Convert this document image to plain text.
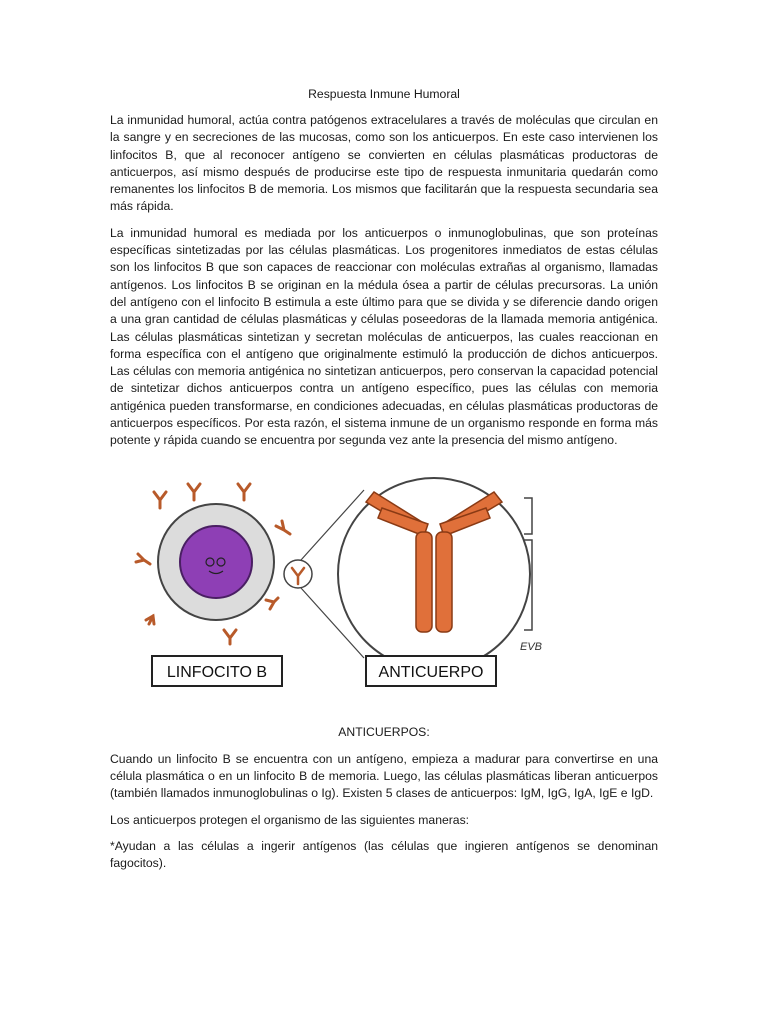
Respuesta Inmune Humoral

La inmunidad humoral, actúa contra patógenos extracelulares a través de moléculas que circulan en la sangre y en secreciones de las mucosas, como son los anticuerpos. En este caso intervienen los linfocitos B, que al reconocer antígeno se convierten en células plasmáticas productoras de anticuerpos, así mismo después de producirse este tipo de respuesta inmunitaria quedarán como remanentes los linfocitos B de memoria. Los mismos que facilitarán que la respuesta secundaria sea más rápida.

La inmunidad humoral es mediada por los anticuerpos o inmunoglobulinas, que son proteínas específicas sintetizadas por las células plasmáticas. Los progenitores inmediatos de estas células son los linfocitos B que son capaces de reaccionar con moléculas extrañas al organismo, llamadas antígenos. Los linfocitos B se originan en la médula ósea a partir de células precursoras. La unión del antígeno con el linfocito B estimula a este último para que se divida y se diferencie dando origen a una gran cantidad de células plasmáticas y células poseedoras de la llamada memoria antigénica. Las células plasmáticas sintetizan y secretan moléculas de anticuerpos, las cuales reaccionan en forma específica con el antígeno que originalmente estimuló la producción de dichos anticuerpos. Las células con memoria antigénica no sintetizan anticuerpos, pero conservan la capacidad potencial de sintetizar dichos anticuerpos contra un antígeno específico, pues las células con memoria antigénica pueden transformarse, en condiciones adecuadas, en células plasmáticas productoras de anticuerpos específicos. Por esta razón, el sistema inmune de un organismo responde en forma más potente y rápida cuando se encuentra por segunda vez ante la presencia del mismo antígeno.

LINFOCITO B	ANTICUERPO
EVB
ANTICUERPOS:

Cuando un linfocito B se encuentra con un antígeno, empieza a madurar para convertirse en una célula plasmática o en un linfocito B de memoria. Luego, las células plasmáticas liberan anticuerpos (también llamados inmunoglobulinas o Ig). Existen 5 clases de anticuerpos: IgM, IgG, IgA, IgE e IgD.

Los anticuerpos protegen el organismo de las siguientes maneras:

*Ayudan a las células a ingerir antígenos (las células que ingieren antígenos se denominan fagocitos).
